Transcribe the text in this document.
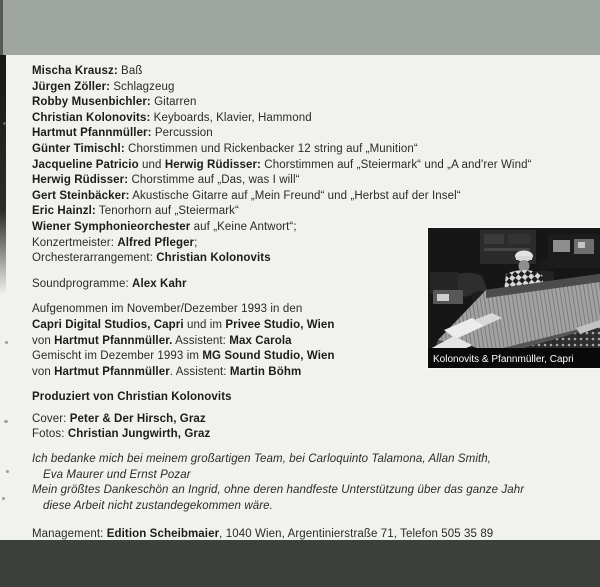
Mischa Krausz: Baß
Jürgen Zöller: Schlagzeug
Robby Musenbichler: Gitarren
Christian Kolonovits: Keyboards, Klavier, Hammond
Hartmut Pfannmüller: Percussion
Günter Timischl: Chorstimmen und Rickenbacker 12 string auf „Munition“
Jacqueline Patricio und Herwig Rüdisser: Chorstimmen auf „Steiermark“ und „A and'rer Wind“
Herwig Rüdisser: Chorstimme auf „Das, was I will“
Gert Steinbäcker: Akustische Gitarre auf „Mein Freund“ und „Herbst auf der Insel“
Eric Hainzl: Tenorhorn auf „Steiermark“
Wiener Symphonieorchester auf „Keine Antwort“;
Konzertmeister: Alfred Pfleger;
Orchesterarrangement: Christian Kolonovits
Soundprogramme: Alex Kahr
Aufgenommen im November/Dezember 1993 in den
Capri Digital Studios, Capri und im Privee Studio, Wien
von Hartmut Pfannmüller. Assistent: Max Carola
Gemischt im Dezember 1993 im MG Sound Studio, Wien
von Hartmut Pfannmüller. Assistent: Martin Böhm
Produziert von Christian Kolonovits
Cover: Peter & Der Hirsch, Graz
Fotos: Christian Jungwirth, Graz
Ich bedanke mich bei meinem großartigen Team, bei Carloquinto Talamona, Allan Smith,
Eva Maurer und Ernst Pozar
Mein größtes Dankeschön an Ingrid, ohne deren handfeste Unterstützung über das ganze Jahr
diese Arbeit nicht zustandegekommen wäre.
Management: Edition Scheibmaier, 1040 Wien, Argentinierstraße 71, Telefon 505 35 89
Kolonovits & Pfannmüller, Capri
